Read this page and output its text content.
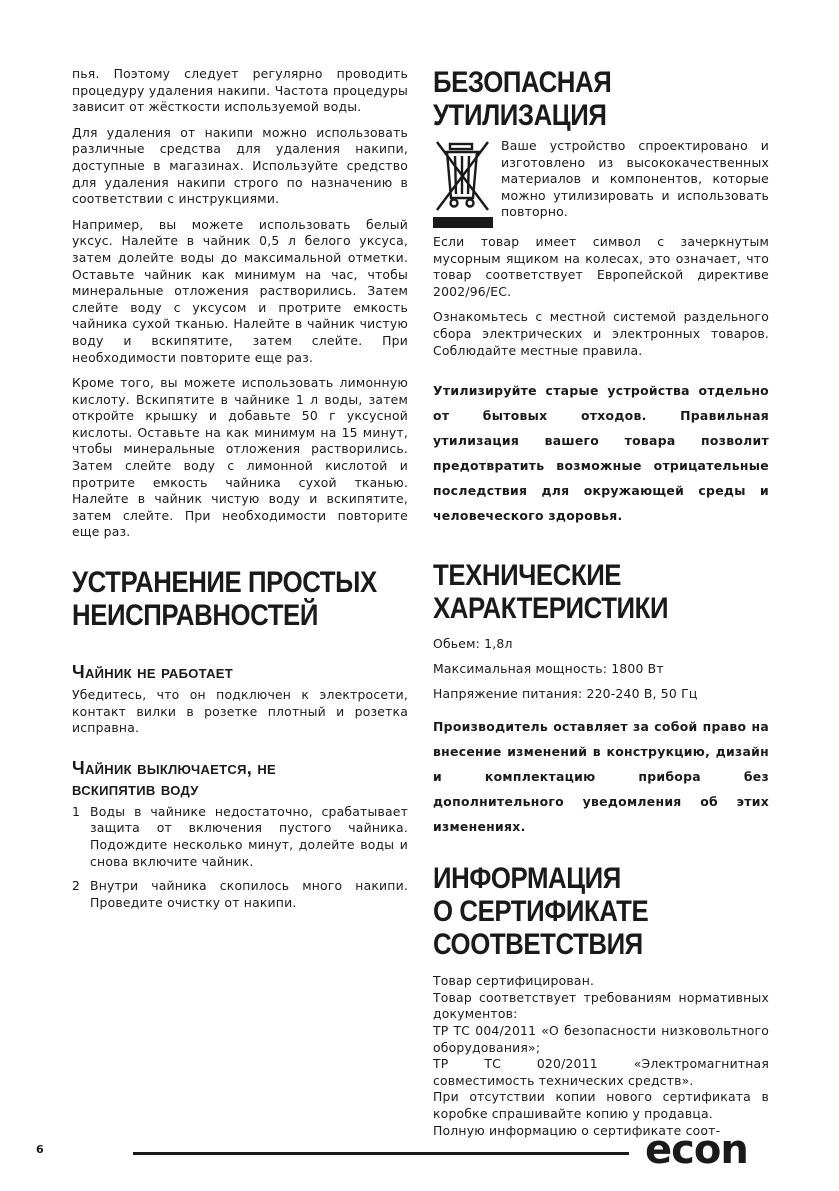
пья. Поэтому следует регулярно проводить процедуру удаления накипи. Частота процедуры зависит от жёсткости используемой воды.

Для удаления от накипи можно использовать различные средства для удаления накипи, доступные в магазинах. Используйте средство для удаления накипи строго по назначению в соответствии с инструкциями.

Например, вы можете использовать белый уксус. Налейте в чайник 0,5 л белого уксуса, затем долейте воды до максимальной отметки. Оставьте чайник как минимум на час, чтобы минеральные отложения растворились. Затем слейте воду с уксусом и протрите емкость чайника сухой тканью. Налейте в чайник чистую воду и вскипятите, затем слейте. При необходимости повторите еще раз.

Кроме того, вы можете использовать лимонную кислоту. Вскипятите в чайнике 1 л воды, затем откройте крышку и добавьте 50 г уксусной кислоты. Оставьте на как минимум на 15 минут, чтобы минеральные отложения растворились. Затем слейте воду с лимонной кислотой и протрите емкость чайника сухой тканью. Налейте в чайник чистую воду и вскипятите, затем слейте. При необходимости повторите еще раз.

УСТРАНЕНИЕ ПРОСТЫХ
НЕИСПРАВНОСТЕЙ
Чайник не работает

Убедитесь, что он подключен к электросети, контакт вилки в розетке плотный и розетка исправна.

Чайник выключается, не
вскипятив воду
1 Воды в чайнике недостаточно, срабатывает защита от включения пустого чайника. Подождите несколько минут, долейте воды и снова включите чайник.
2 Внутри чайника скопилось много накипи. Проведите очистку от накипи.
БЕЗОПАСНАЯ
УТИЛИЗАЦИЯ

Ваше устройство спроектировано и изготовлено из высококачественных материалов и компонентов, которые можно утилизировать и использовать повторно.

Если товар имеет символ с зачеркнутым мусорным ящиком на колесах, это означает, что товар соответствует Европейской директиве 2002/96/ЕС.

Ознакомьтесь с местной системой раздельного сбора электрических и электронных товаров. Соблюдайте местные правила.

Утилизируйте старые устройства отдельно от бытовых отходов. Правильная утилизация вашего товара позволит предотвратить возможные отрицательные последствия для окружающей среды и человеческого здоровья.

ТЕХНИЧЕСКИЕ
ХАРАКТЕРИСТИКИ
Обьем: 1,8л
Максимальная мощность: 1800 Вт
Напряжение питания: 220-240 В, 50 Гц

Производитель оставляет за собой право на внесение изменений в конструкцию, дизайн и комплектацию прибора без дополнительного уведомления об этих изменениях.

ИНФОРМАЦИЯ
О СЕРТИФИКАТЕ
СООТВЕТСТВИЯ

Товар сертифицирован.

Товар соответствует требованиям нормативных документов:

ТР ТС 004/2011 «О безопасности низковольтного оборудования»;

ТР ТС 020/2011 «Электромагнитная совместимость технических средств».

При отсутствии копии нового сертификата в коробке спрашивайте копию у продавца.

Полную информацию о сертификате соот-

6	econ
